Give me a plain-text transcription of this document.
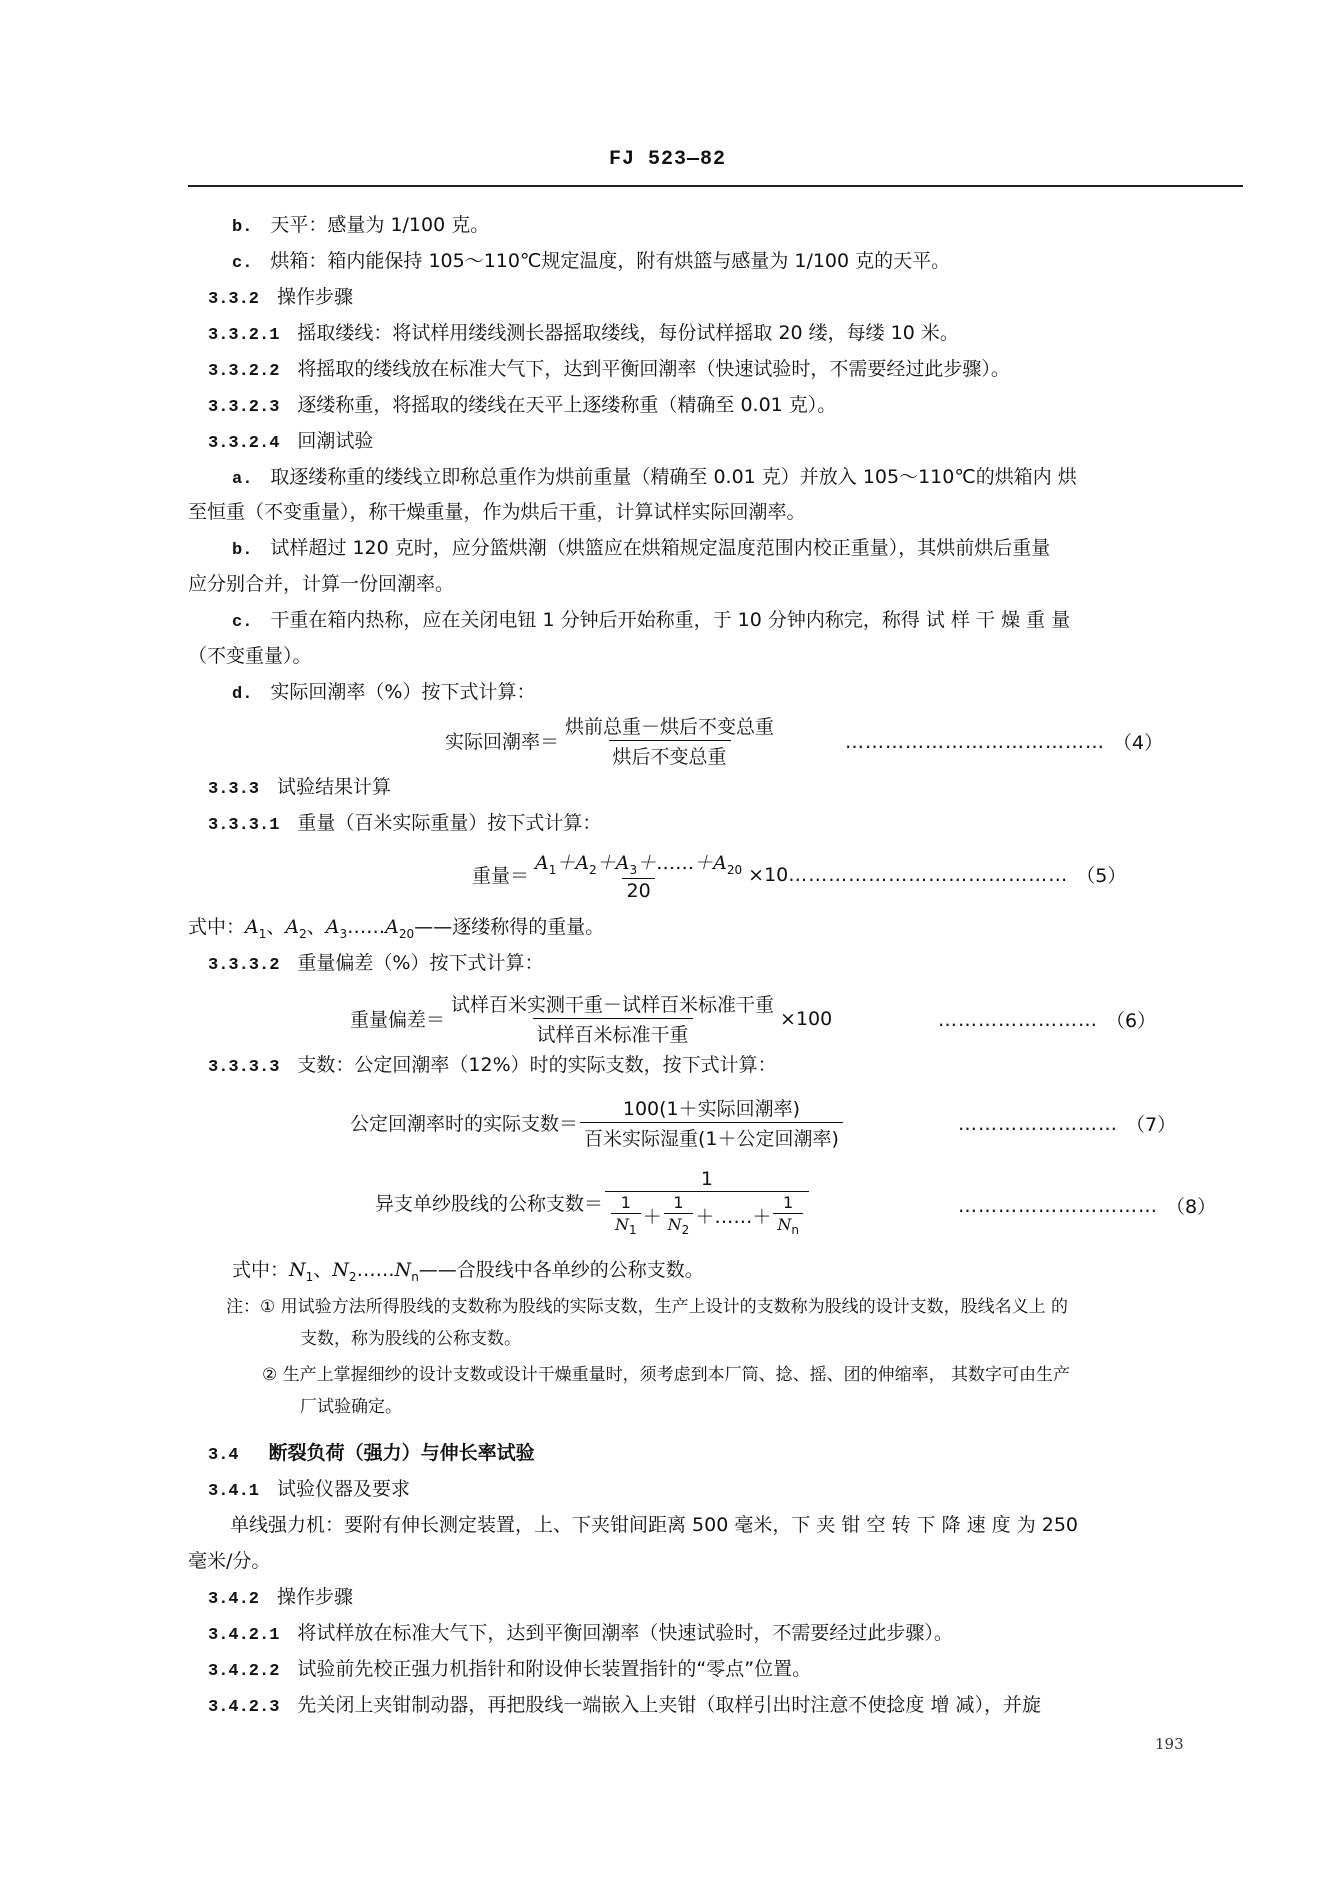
FJ 523—82
b. 天平：感量为 1/100 克。
c. 烘箱：箱内能保持 105～110℃规定温度，附有烘篮与感量为 1/100 克的天平。
3.3.2 操作步骤
3.3.2.1 摇取缕线：将试样用缕线测长器摇取缕线，每份试样摇取 20 缕，每缕 10 米。
3.3.2.2 将摇取的缕线放在标准大气下，达到平衡回潮率（快速试验时，不需要经过此步骤）。
3.3.2.3 逐缕称重，将摇取的缕线在天平上逐缕称重（精确至 0.01 克）。
3.3.2.4 回潮试验
a. 取逐缕称重的缕线立即称总重作为烘前重量（精确至 0.01 克）并放入 105～110℃的烘箱内 烘
至恒重（不变重量），称干燥重量，作为烘后干重，计算试样实际回潮率。
b. 试样超过 120 克时，应分篮烘潮（烘篮应在烘箱规定温度范围内校正重量），其烘前烘后重量
应分别合并，计算一份回潮率。
c. 干重在箱内热称，应在关闭电钮 1 分钟后开始称重，于 10 分钟内称完，称得 试 样 干 燥 重 量
（不变重量）。
d. 实际回潮率（%）按下式计算：
实际回潮率＝ $\frac{\text{烘前总重－烘后不变总重}}{\text{烘后不变总重}}$	………………………………… （4）
3.3.3 试验结果计算
3.3.3.1 重量（百米实际重量）按下式计算：
重量＝ $\frac{A_1+A_2+A_3+\dots\dots+A_{20}}{20} \times 10$ …………………………………… （5）
式中：$A_1$、$A_2$、$A_3\dots\dots A_{20}——$逐缕称得的重量。
3.3.3.2 重量偏差（%）按下式计算：
重量偏差＝ $\frac{\text{试样百米实测干重－试样百米标准干重}}{\text{试样百米标准干重}} \times 100$	…………………… （6）
3.3.3.3 支数：公定回潮率（12%）时的实际支数，按下式计算：
公定回潮率时的实际支数＝ $\frac{\text{100(1＋实际回潮率)}}{\text{百米实际湿重(1＋公定回潮率)}}$	…………………… （7）
异支单纱股线的公称支数＝ $\frac{1}{\frac{1}{N_1} + \frac{1}{N_2} +\dots\dots+ \frac{1}{N_n}}$	………………………… （8）
式中：$N_1$、$N_2\dots\dots N_n——$合股线中各单纱的公称支数。
注：① 用试验方法所得股线的支数称为股线的实际支数，生产上设计的支数称为股线的设计支数，股线名义上 的
支数，称为股线的公称支数。
② 生产上掌握细纱的设计支数或设计干燥重量时，须考虑到本厂筒、捻、摇、团的伸缩率， 其数字可由生产
厂试验确定。
3.4 断裂负荷（强力）与伸长率试验
3.4.1 试验仪器及要求
单线强力机：要附有伸长测定装置，上、下夹钳间距离 500 毫米，下 夹 钳 空 转 下 降 速 度 为 250
毫米/分。
3.4.2 操作步骤
3.4.2.1 将试样放在标准大气下，达到平衡回潮率（快速试验时，不需要经过此步骤）。
3.4.2.2 试验前先校正强力机指针和附设伸长装置指针的“零点”位置。
3.4.2.3 先关闭上夹钳制动器，再把股线一端嵌入上夹钳（取样引出时注意不使捻度 增 减），并旋
193
